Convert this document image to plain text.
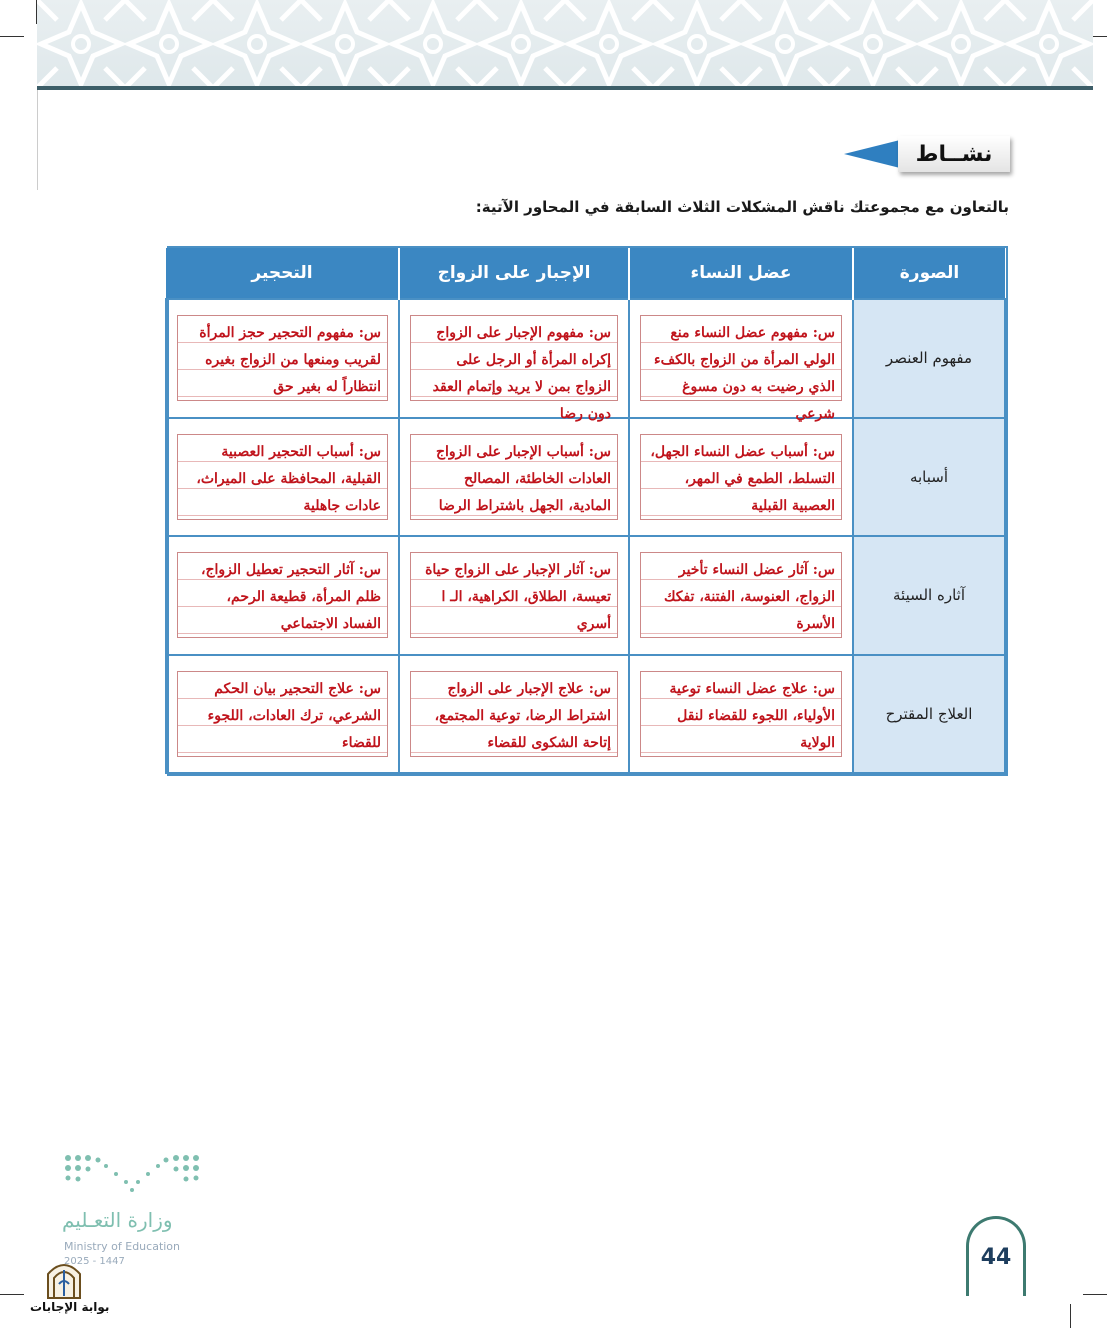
نشــاط
بالتعاون مع مجموعتك ناقش المشكلات الثلاث السابقة في المحاور الآتية:
الصورة	عضل النساء	الإجبار على الزواج	التحجير
مفهوم العنصر	س: مفهوم عضل النساء منع الولي المرأة من الزواج بالكفء الذي رضيت به دون مسوغ شرعي	س: مفهوم الإجبار على الزواج إكراه المرأة أو الرجل على الزواج بمن لا يريد وإتمام العقد دون رضا	س: مفهوم التحجير حجز المرأة لقريب ومنعها من الزواج بغيره انتظاراً له بغير حق

أسبابه	س: أسباب عضل النساء الجهل، التسلط، الطمع في المهر، العصبية القبلية	س: أسباب الإجبار على الزواج العادات الخاطئة، المصالح المادية، الجهل باشتراط الرضا	س: أسباب التحجير العصبية القبلية، المحافظة على الميراث، عادات جاهلية

آثاره السيئة	س: آثار عضل النساء تأخير الزواج، العنوسة، الفتنة، تفكك الأسرة	س: آثار الإجبار على الزواج حياة تعيسة، الطلاق، الكراهية، الـ ا أسري	س: آثار التحجير تعطيل الزواج، ظلم المرأة، قطيعة الرحم، الفساد الاجتماعي

العلاج المقترح	س: علاج عضل النساء توعية الأولياء، اللجوء للقضاء لنقل الولاية	س: علاج الإجبار على الزواج اشتراط الرضا، توعية المجتمع، إتاحة الشكوى للقضاء	س: علاج التحجير بيان الحكم الشرعي، ترك العادات، اللجوء للقضاء
وزارة التعـليم
Ministry of Education
2025 - 1447
بوابة الإجابات
44
